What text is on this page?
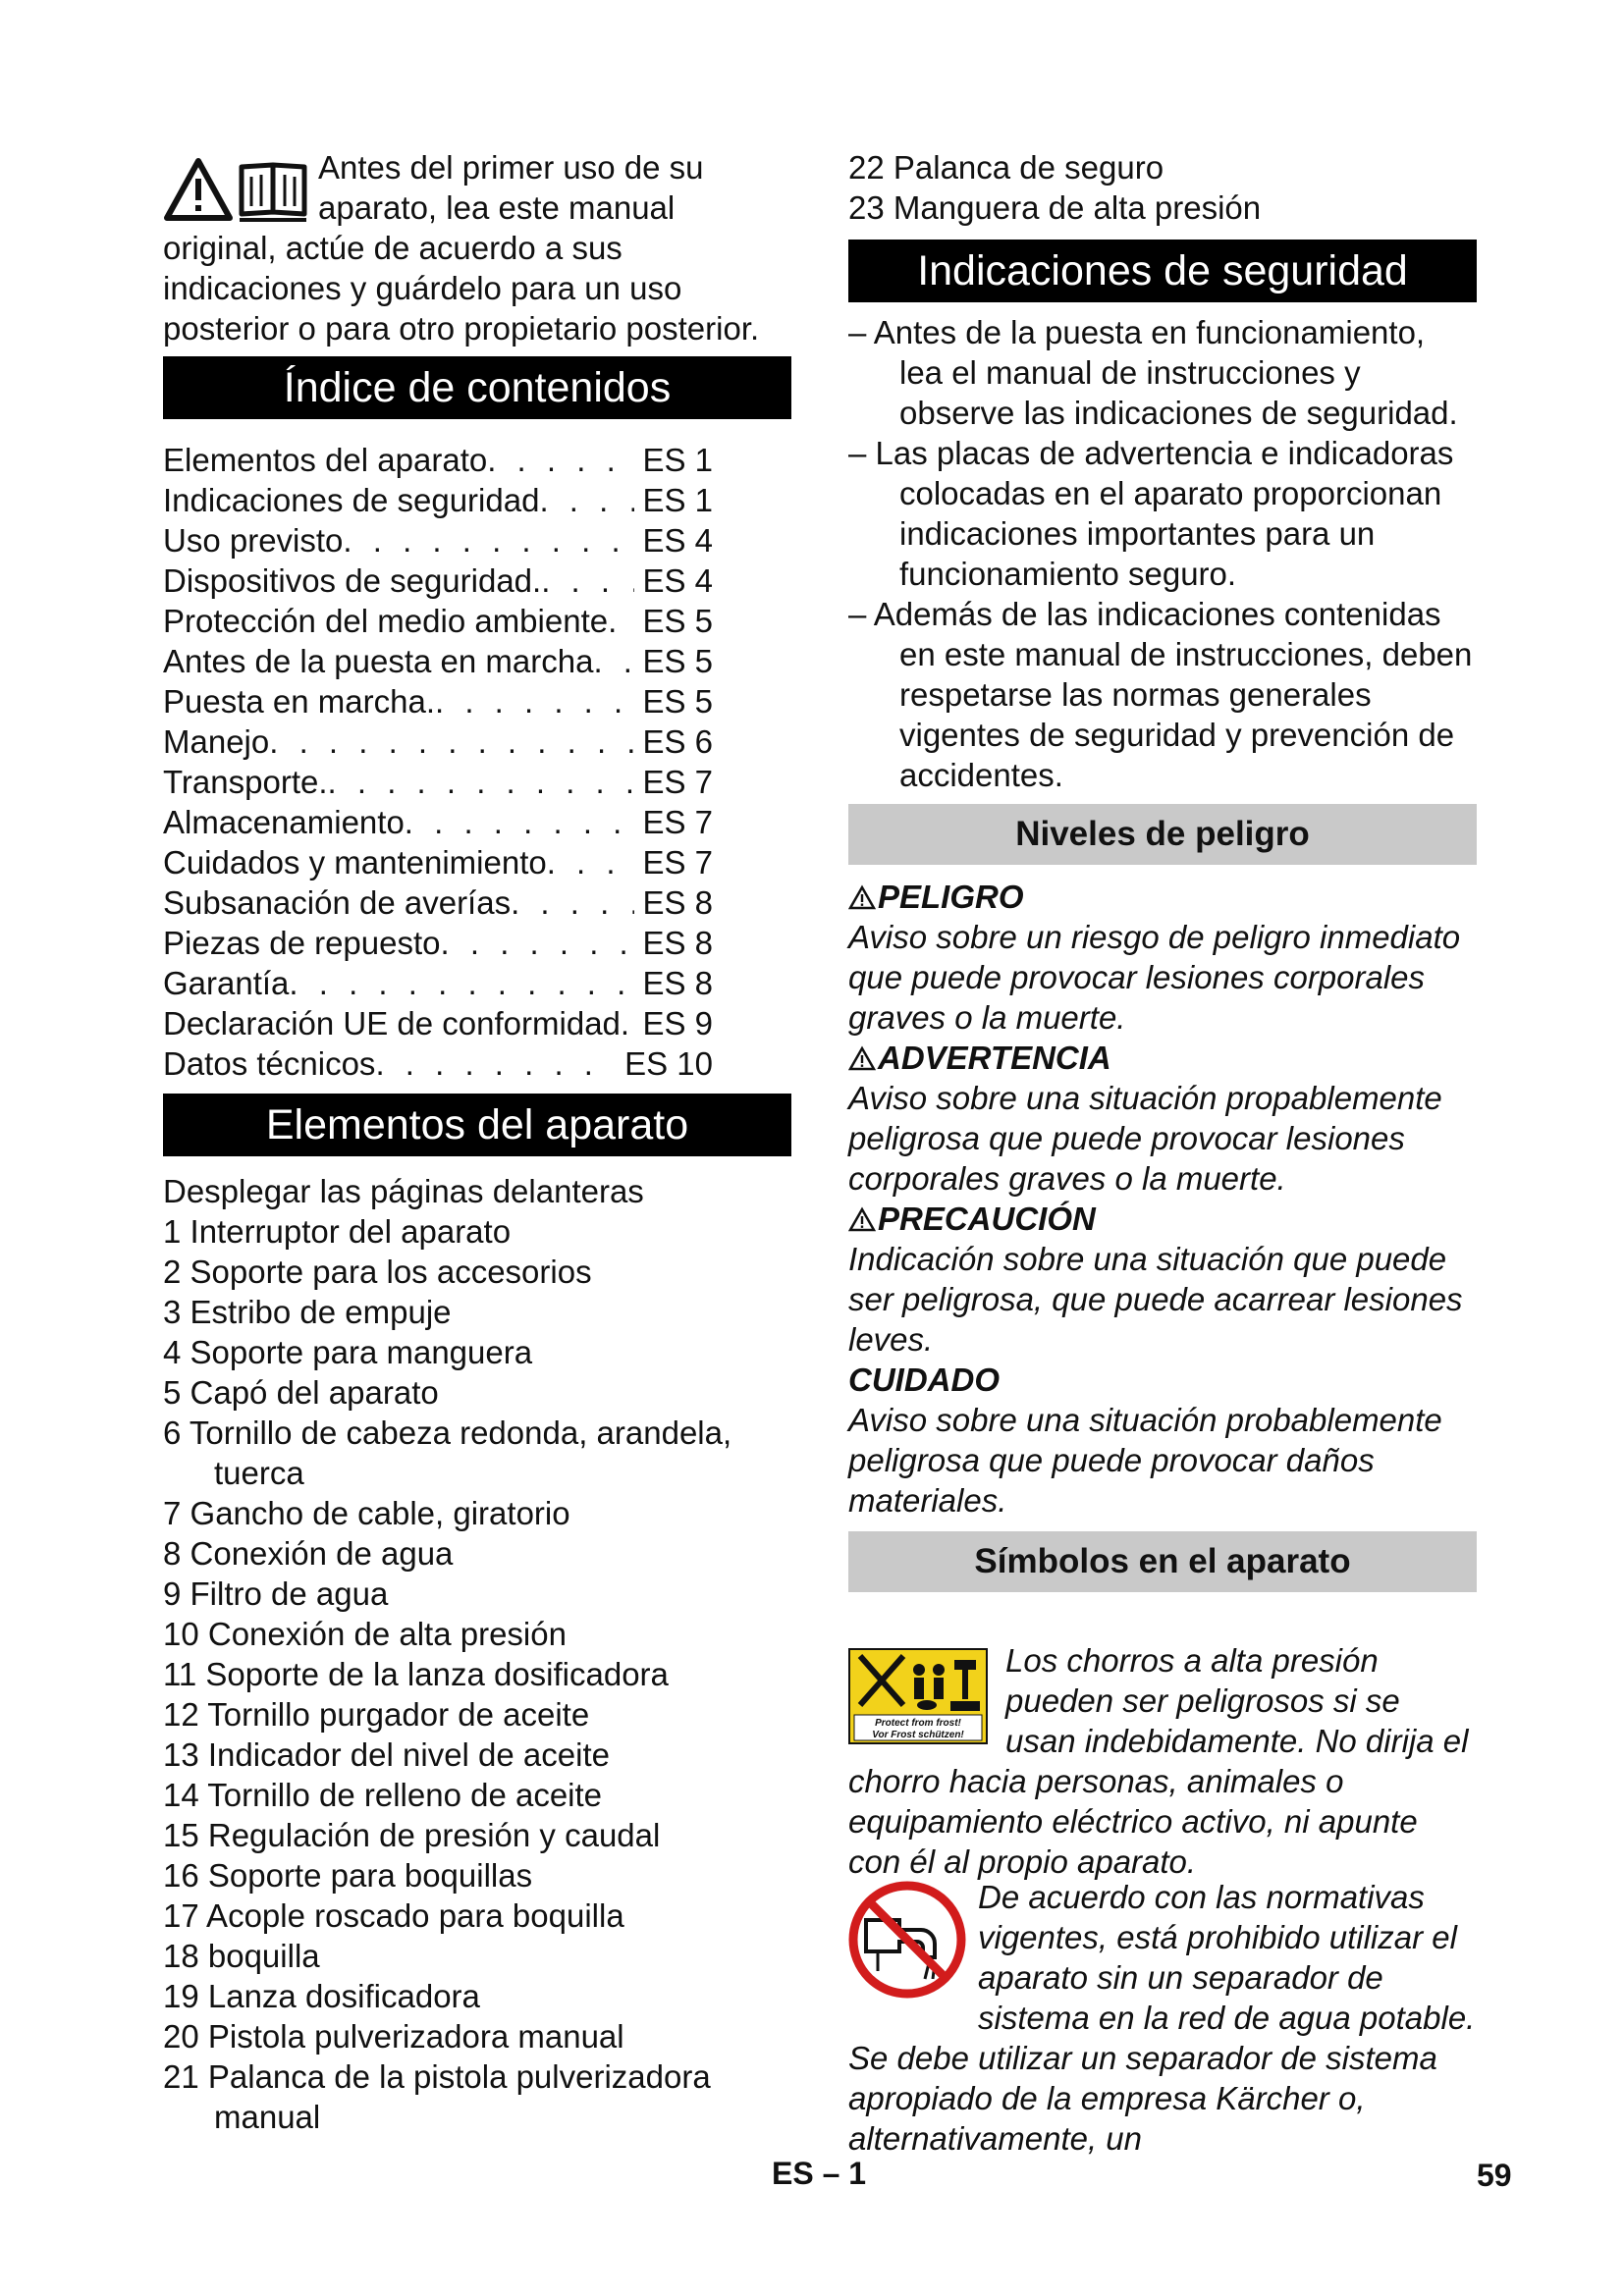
Antes del primer uso de su aparato, lea este manual original, actúe de acuerdo a sus indicaciones y guárdelo para un uso posterior o para otro propietario posterior.
Índice de contenidos
Elementos del aparato . . .	ES 1
Indicaciones de seguridad . . .	ES 1
Uso previsto . . .	ES 4
Dispositivos de seguridad. . . .	ES 4
Protección del medio ambiente . . . ES 5
Antes de la puesta en marcha . . . ES 5
Puesta en marcha. . . .	ES 5
Manejo . . .	ES 6
Transporte. . . .	ES 7
Almacenamiento . . .	ES 7
Cuidados y mantenimiento . . .	ES 7
Subsanación de averías . . .	ES 8
Piezas de repuesto . . .	ES 8
Garantía . . .	ES 8
Declaración UE de conformidad . . . ES 9
Datos técnicos . . .	ES 10
Elementos del aparato
Desplegar las páginas delanteras
1 Interruptor del aparato
2 Soporte para los accesorios
3 Estribo de empuje
4 Soporte para manguera
5 Capó del aparato
6 Tornillo de cabeza redonda, arandela, tuerca
7 Gancho de cable, giratorio
8 Conexión de agua
9 Filtro de agua
10 Conexión de alta presión
11 Soporte de la lanza dosificadora
12 Tornillo purgador de aceite
13 Indicador del nivel de aceite
14 Tornillo de relleno de aceite
15 Regulación de presión y caudal
16 Soporte para boquillas
17 Acople roscado para boquilla
18 boquilla
19 Lanza dosificadora
20 Pistola pulverizadora manual
21 Palanca de la pistola pulverizadora manual
22 Palanca de seguro
23 Manguera de alta presión
Indicaciones de seguridad
– Antes de la puesta en funcionamiento, lea el manual de instrucciones y observe las indicaciones de seguridad.
– Las placas de advertencia e indicadoras colocadas en el aparato proporcionan indicaciones importantes para un funcionamiento seguro.
– Además de las indicaciones contenidas en este manual de instrucciones, deben respetarse las normas generales vigentes de seguridad y prevención de accidentes.
Niveles de peligro

PELIGRO

Aviso sobre un riesgo de peligro inmediato que puede provocar lesiones corporales graves o la muerte.

ADVERTENCIA

Aviso sobre una situación propablemente peligrosa que puede provocar lesiones corporales graves o la muerte.

PRECAUCIÓN

Indicación sobre una situación que puede ser peligrosa, que puede acarrear lesiones leves.

CUIDADO

Aviso sobre una situación probablemente peligrosa que puede provocar daños materiales.

Símbolos en el aparato
Protect from frost!
Vor Frost schützen!
Los chorros a alta presión pueden ser peligrosos si se usan indebidamente. No dirija el chorro hacia personas, animales o equipamiento eléctrico activo, ni apunte con él al propio aparato.
De acuerdo con las normativas vigentes, está prohibido utilizar el aparato sin un separador de sistema en la red de agua potable. Se debe utilizar un separador de sistema apropiado de la empresa Kärcher o, alternativamente, un
ES – 1	59
